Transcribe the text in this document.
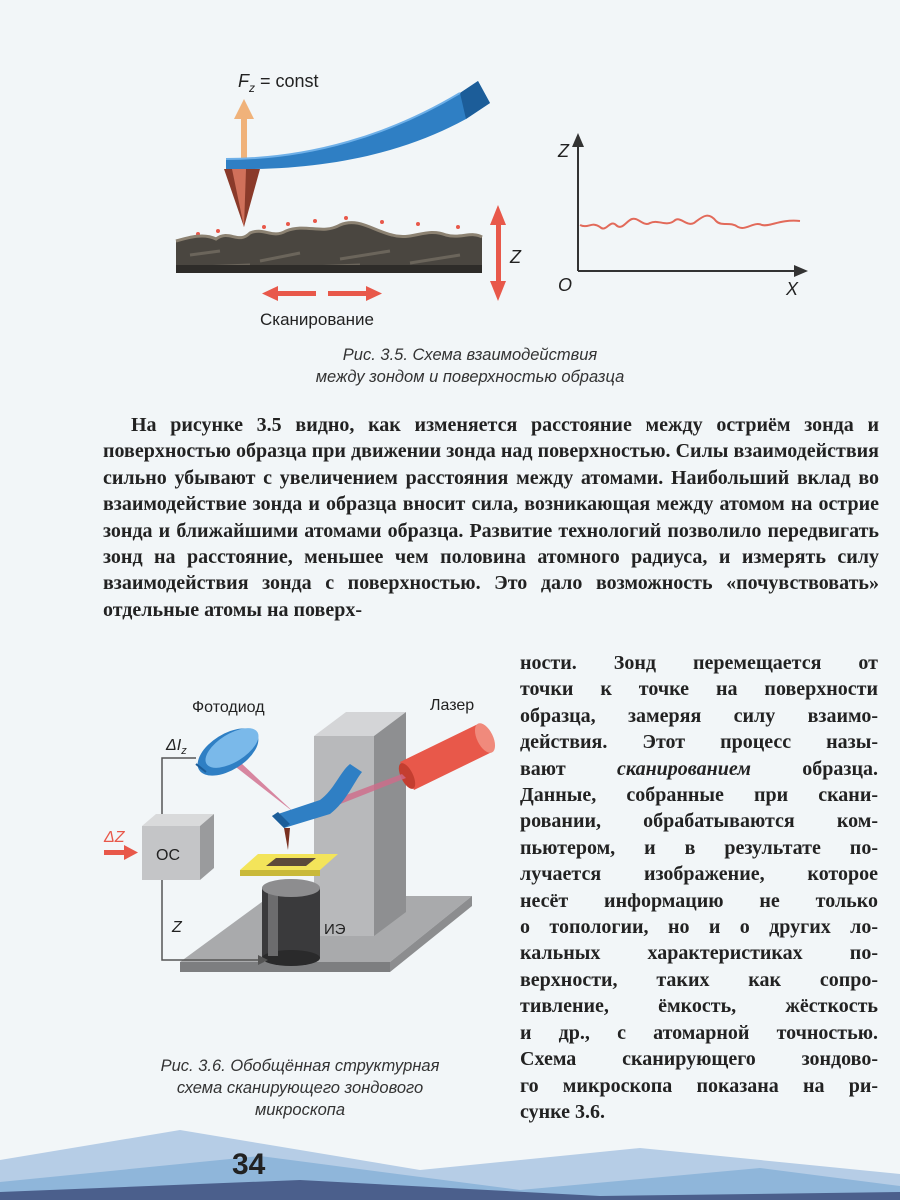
$F_z$ = const
Z
Сканирование
Z
X
O
Рис. 3.5. Схема взаимодействия
между зондом и поверхностью образца

На рисунке 3.5 видно, как изменяется расстояние между остриём зонда и поверхностью образца при движении зонда над поверхностью. Силы взаимодействия сильно убывают с увеличением расстояния между атомами. Наибольший вклад во взаимодействие зонда и образца вносит сила, возникающая между атомом на острие зонда и ближайшими атомами образца. Развитие технологий позволило передвигать зонд на расстояние, меньшее чем половина атомного радиуса, и измерять силу взаимодействия зонда с поверхностью. Это дало возможность «почувствовать» отдельные атомы на поверх-

ности. Зонд перемещается от
точки к точке на поверхности
образца, замеряя силу взаимо-
действия. Этот процесс назы-
вают сканированием образца.
Данные, собранные при скани-
ровании, обрабатываются ком-
пьютером, и в результате по-
лучается изображение, которое
несёт информацию не только
о топологии, но и о других ло-
кальных характеристиках по-
верхности, таких как сопро-
тивление, ёмкость, жёсткость
и др., с атомарной точностью.
Схема сканирующего зондово-
го микроскопа показана на ри-
сунке 3.6.
Фотодиод	Лазер
$\Delta I_z$
ОС
ΔZ
Z	ИЭ
Рис. 3.6. Обобщённая структурная
схема сканирующего зондового
микроскопа
34
